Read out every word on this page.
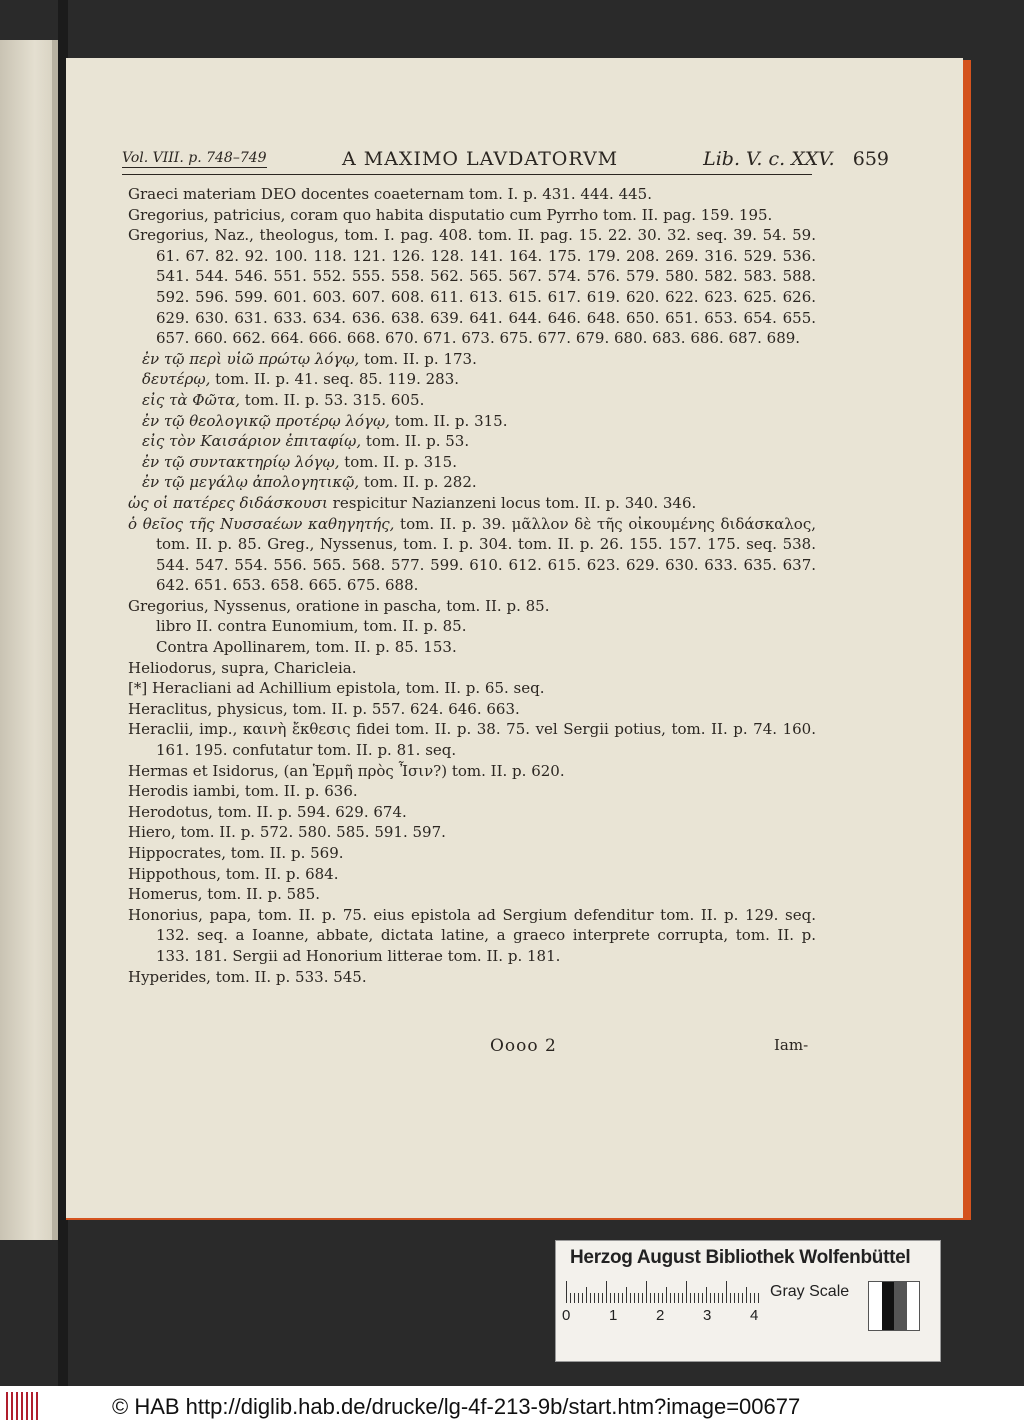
Vol. VIII. p. 748–749	A MAXIMO LAVDATORVM	Lib. V. c. XXV. 659
Graeci materiam DEO docentes coaeternam tom. I. p. 431. 444. 445.
Gregorius, patricius, coram quo habita disputatio cum Pyrrho tom. II. pag. 159. 195.
Gregorius, Naz., theologus, tom. I. pag. 408. tom. II. pag. 15. 22. 30. 32. seq. 39. 54. 59. 61. 67. 82. 92. 100. 118. 121. 126. 128. 141. 164. 175. 179. 208. 269. 316. 529. 536. 541. 544. 546. 551. 552. 555. 558. 562. 565. 567. 574. 576. 579. 580. 582. 583. 588. 592. 596. 599. 601. 603. 607. 608. 611. 613. 615. 617. 619. 620. 622. 623. 625. 626. 629. 630. 631. 633. 634. 636. 638. 639. 641. 644. 646. 648. 650. 651. 653. 654. 655. 657. 660. 662. 664. 666. 668. 670. 671. 673. 675. 677. 679. 680. 683. 686. 687. 689.
ἐν τῷ περὶ υἱῶ πρώτῳ λόγῳ, tom. II. p. 173.
δευτέρῳ, tom. II. p. 41. seq. 85. 119. 283.
εἰς τὰ Φῶτα, tom. II. p. 53. 315. 605.
ἐν τῷ θεολογικῷ προτέρῳ λόγῳ, tom. II. p. 315.
εἰς τὸν Καισάριον ἐπιταφίῳ, tom. II. p. 53.
ἐν τῷ συντακτηρίῳ λόγῳ, tom. II. p. 315.
ἐν τῷ μεγάλῳ ἀπολογητικῷ, tom. II. p. 282.
ὡς οἱ πατέρες διδάσκουσι respicitur Nazianzeni locus tom. II. p. 340. 346.
ὁ θεῖος τῆς Νυσσαέων καθηγητής, tom. II. p. 39. μᾶλλον δὲ τῆς οἰκουμένης διδάσκαλος, tom. II. p. 85. Greg., Nyssenus, tom. I. p. 304. tom. II. p. 26. 155. 157. 175. seq. 538. 544. 547. 554. 556. 565. 568. 577. 599. 610. 612. 615. 623. 629. 630. 633. 635. 637. 642. 651. 653. 658. 665. 675. 688.
Gregorius, Nyssenus, oratione in pascha, tom. II. p. 85.
libro II. contra Eunomium, tom. II. p. 85.
Contra Apollinarem, tom. II. p. 85. 153.
Heliodorus, supra, Charicleia.
[*] Heracliani ad Achillium epistola, tom. II. p. 65. seq.
Heraclitus, physicus, tom. II. p. 557. 624. 646. 663.
Heraclii, imp., καινὴ ἔκθεσις fidei tom. II. p. 38. 75. vel Sergii potius, tom. II. p. 74. 160. 161. 195. confutatur tom. II. p. 81. seq.
Hermas et Isidorus, (an Ἑρμῆ πρὸς Ἶσιν?) tom. II. p. 620.
Herodis iambi, tom. II. p. 636.
Herodotus, tom. II. p. 594. 629. 674.
Hiero, tom. II. p. 572. 580. 585. 591. 597.
Hippocrates, tom. II. p. 569.
Hippothous, tom. II. p. 684.
Homerus, tom. II. p. 585.
Honorius, papa, tom. II. p. 75. eius epistola ad Sergium defenditur tom. II. p. 129. seq. 132. seq. a Ioanne, abbate, dictata latine, a graeco interprete corrupta, tom. II. p. 133. 181. Sergii ad Honorium litterae tom. II. p. 181.
Hyperides, tom. II. p. 533. 545.
Oooo 2	Iam-
Herzog August Bibliothek Wolfenbüttel
0	1	2	3	4
Gray Scale
© HAB http://diglib.hab.de/drucke/lg-4f-213-9b/start.htm?image=00677
